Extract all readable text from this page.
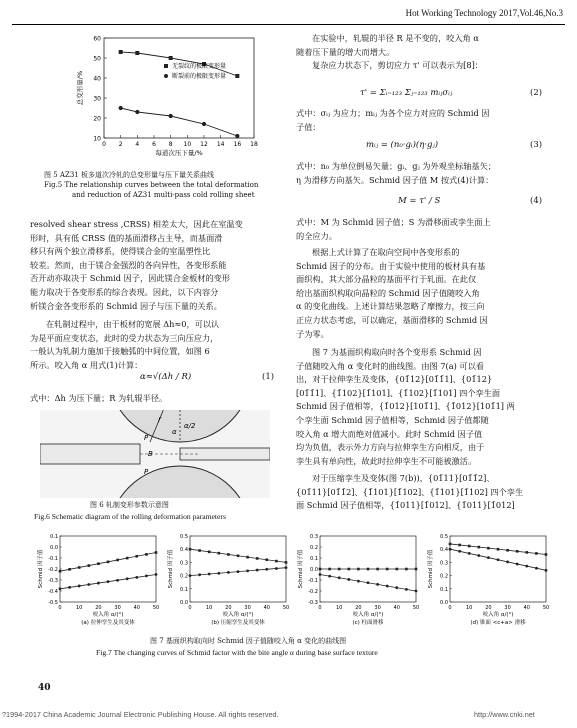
Hot Working Technology 2017,Vol.46,No.3
10
20
30
40
50
60
0 2 4 6 8 10 12 14 16 18
每道次压下量/%
总变形量/%
无裂纹的极限变形量
断裂前的极限变形量
图 5 AZ31 板多道次冷轧的总变形量与压下量关系曲线
Fig.5 The relationship curves between the total deformation
and reduction of AZ31 multi-pass cold rolling sheet
resolved shear stress ,CRSS) 相差太大，因此在室温变
形时，具有低 CRSS 值的基面滑移占主导，而基面滑
移只有两个独立滑移系，使得镁合金的室温塑性比
较差。然而，由于镁合金强烈的各向异性，各变形系能
否开动亦取决于 Schmid 因子，因此镁合金板材的变形
能力取决于各变形系的综合表现。因此，以下内容分
析镁合金各变形系的 Schmid 因子与压下量的关系。
在轧制过程中，由于板材的宽展 Δh≈0，可以认
为是平面应变状态，此时的受力状态为三向压应力，
一般认为轧制力施加于接触弧的中间位置，如图 6
所示。咬入角 α 用式(1)计算：
α≈√(Δh / R)	(1)
式中：Δh 为压下量；R 为轧辊半径。
r
α/2
α
P
B
P
图 6 轧制变形参数示意图
Fig.6 Schematic diagram of the rolling deformation parameters
在实验中，轧辊的半径 R 是不变的，咬入角 α
随着压下量的增大而增大。
复杂应力状态下，剪切应力 τ' 可以表示为[8]：
τ' = Σᵢ₌₁₂₃ Σⱼ₌₁₂₃ mᵢⱼσᵢⱼ	(2)
式中：σᵢⱼ 为应力；mᵢⱼ 为各个应力对应的 Schmid 因
子值：
mᵢⱼ = (n₀·gᵢ)(η·gⱼ)	(3)
式中：n₀ 为单位倒易矢量；gᵢ、gⱼ 为外观坐标轴基矢；
η 为滑移方向基矢。Schmid 因子值 M 按式(4)计算：
M = τ' / S	(4)
式中：M 为 Schmid 因子值；S 为滑移面或孪生面上
的全应力。
根据上式计算了在取向空间中各变形系的
Schmid 因子的分布。由于实验中使用的板材具有基
面织构，其大部分晶粒的基面平行于轧面。在此仅
给出基面织构取向晶粒的 Schmid 因子值随咬入角
α 的变化曲线。上述计算结果忽略了摩擦力，按三向
正应力状态考虑，可以确定，基面滑移的 Schmid 因
子为零。
图 7 为基面织构取向时各个变形系 Schmid 因
子值随咬入角 α 变化时的曲线图。由图 7(a) 可以看
出，对于拉伸孪生及变体，{01̄12}[01̄1̄1]、{01̄12}
[01̄1̄1]、{1̄102}[1̄101]、{1̄102}[1̄101] 四个孪生面
Schmid 因子值相等，{1̄012}[101̄1]、{1̄012}[101̄1] 两
个孪生面 Schmid 因子值相等，Schmid 因子值都随
咬入角 α 增大而绝对值减小。此时 Schmid 因子值
均为负值，表示外力方向与拉伸孪生方向相反，由于
孪生具有单向性，故此时拉伸孪生不可能被激活。
对于压缩孪生及变体(图 7(b))，{01̄11}[01̄1̄2]、
{01̄11}[01̄1̄2]、{1̄101}[1̄102]、{1̄101}[1̄102] 四个孪生
面 Schmid 因子值相等，{1̄011}[1̄012]、{1̄011}[1̄012]
0.1
0.0
-0.1
-0.2
-0.3
-0.4
-0.5
0	10	20	30	40	50
咬入角 α/(°)
(a) 拉伸孪生及其变体
Schmid 因子值
0.5
0.4
0.3
0.2
0.1
0.0
0	10	20	30	40	50
咬入角 α/(°)
(b) 压缩孪生及其变体
Schmid 因子值
0.3
0.2
0.1
0.0
-0.1
-0.2
-0.3
0	10	20	30	40	50
咬入角 α/(°)
(c) 柱面滑移
Schmid 因子值
0.5
0.4
0.3
0.2
0.1
0.0
0	10	20	30	40	50
咬入角 α/(°)
(d) 锥面 <c+a> 滑移
Schmid 因子值
图 7 基面织构取向时 Schmid 因子值随咬入角 α 变化的曲线图
Fig.7 The changing curves of Schmid factor with the bite angle α during base surface texture
40
?1994-2017 China Academic Journal Electronic Publishing House. All rights reserved.	http://www.cnki.net
